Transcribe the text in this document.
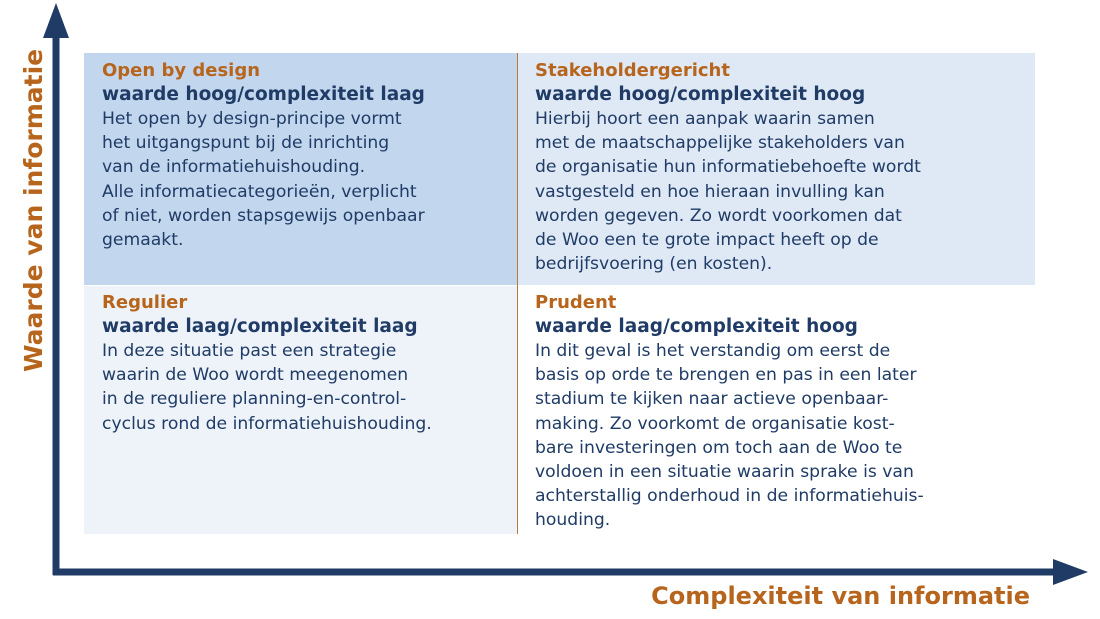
Waarde van informatie
Complexiteit van informatie
Open by design
waarde hoog/complexiteit laag
Het open by design-principe vormt
het uitgangspunt bij de inrichting
van de informatiehuishouding.
Alle informatiecategorieën, verplicht
of niet, worden stapsgewijs openbaar
gemaakt.
Stakeholdergericht
waarde hoog/complexiteit hoog
Hierbij hoort een aanpak waarin samen
met de maatschappelijke stakeholders van
de organisatie hun informatiebehoefte wordt
vastgesteld en hoe hieraan invulling kan
worden gegeven. Zo wordt voorkomen dat
de Woo een te grote impact heeft op de
bedrijfsvoering (en kosten).
Regulier
waarde laag/complexiteit laag
In deze situatie past een strategie
waarin de Woo wordt meegenomen
in de reguliere planning-en-control-
cyclus rond de informatiehuishouding.
Prudent
waarde laag/complexiteit hoog
In dit geval is het verstandig om eerst de
basis op orde te brengen en pas in een later
stadium te kijken naar actieve openbaar-
making. Zo voorkomt de organisatie kost-
bare investeringen om toch aan de Woo te
voldoen in een situatie waarin sprake is van
achterstallig onderhoud in de informatiehuis-
houding.
